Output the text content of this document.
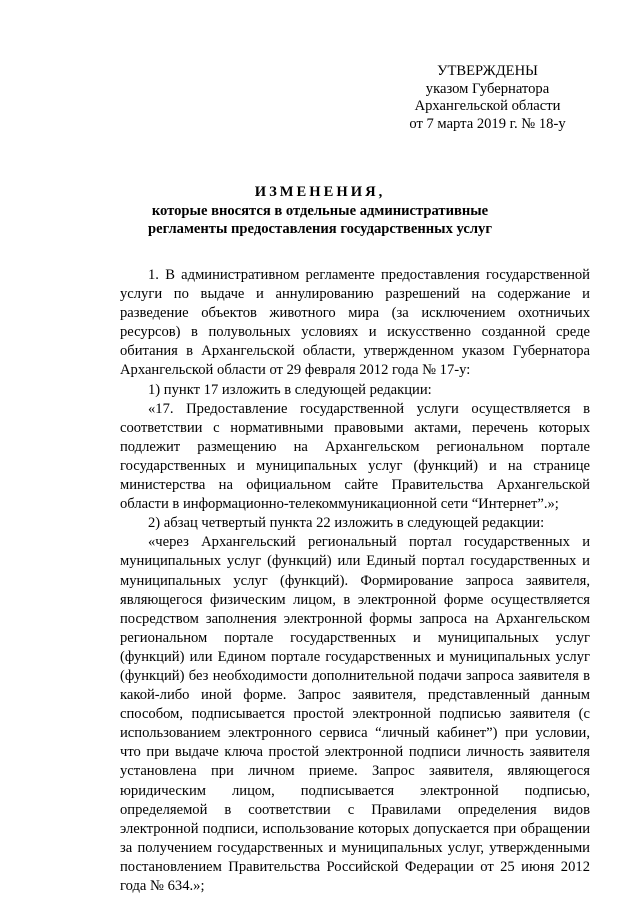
УТВЕРЖДЕНЫ
указом Губернатора
Архангельской области
от 7 марта 2019 г. № 18-у
ИЗМЕНЕНИЯ,
которые вносятся в отдельные административные
регламенты предоставления государственных услуг

1. В административном регламенте предоставления государственной услуги по выдаче и аннулированию разрешений на содержание и разведение объектов животного мира (за исключением охотничьих ресурсов) в полувольных условиях и искусственно созданной среде обитания в Архангельской области, утвержденном указом Губернатора Архангельской области от 29 февраля 2012 года № 17-у:

1) пункт 17 изложить в следующей редакции:

«17. Предоставление государственной услуги осуществляется в соответствии с нормативными правовыми актами, перечень которых подлежит размещению на Архангельском региональном портале государственных и муниципальных услуг (функций) и на странице министерства на официальном сайте Правительства Архангельской области в информационно-телекоммуникационной сети “Интернет”.»;

2) абзац четвертый пункта 22 изложить в следующей редакции:

«через Архангельский региональный портал государственных и муниципальных услуг (функций) или Единый портал государственных и муниципальных услуг (функций). Формирование запроса заявителя, являющегося физическим лицом, в электронной форме осуществляется посредством заполнения электронной формы запроса на Архангельском региональном портале государственных и муниципальных услуг (функций) или Едином портале государственных и муниципальных услуг (функций) без необходимости дополнительной подачи запроса заявителя в какой-либо иной форме. Запрос заявителя, представленный данным способом, подписывается простой электронной подписью заявителя (с использованием электронного сервиса “личный кабинет”) при условии, что при выдаче ключа простой электронной подписи личность заявителя установлена при личном приеме. Запрос заявителя, являющегося юридическим лицом, подписывается электронной подписью, определяемой в соответствии с Правилами определения видов электронной подписи, использование которых допускается при обращении за получением государственных и муниципальных услуг, утвержденными постановлением Правительства Российской Федерации от 25 июня 2012 года № 634.»;
